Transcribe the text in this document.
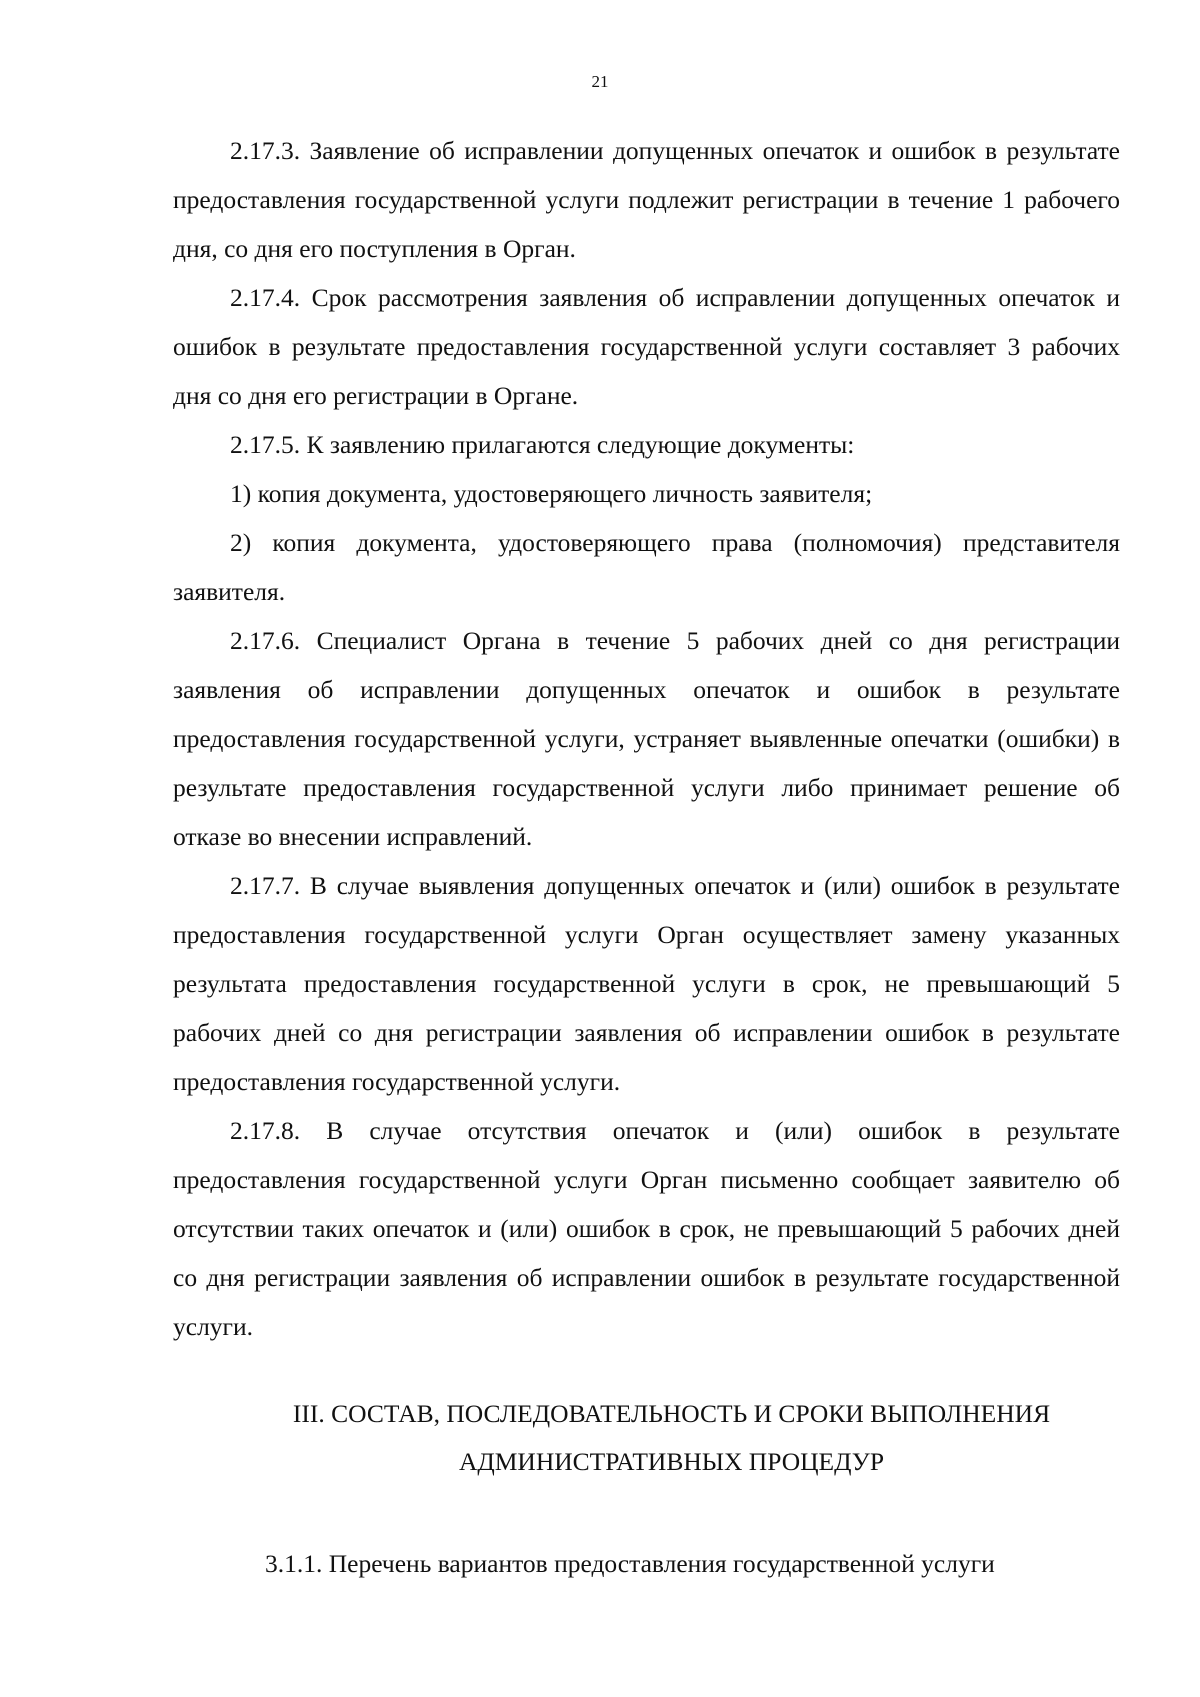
21

2.17.3. Заявление об исправлении допущенных опечаток и ошибок в результате предоставления государственной услуги подлежит регистрации в течение 1 рабочего дня, со дня его поступления в Орган.

2.17.4. Срок рассмотрения заявления об исправлении допущенных опечаток и ошибок в результате предоставления государственной услуги составляет 3 рабочих дня со дня его регистрации в Органе.

2.17.5. К заявлению прилагаются следующие документы:

1) копия документа, удостоверяющего личность заявителя;

2) копия документа, удостоверяющего права (полномочия) представителя заявителя.

2.17.6. Специалист Органа в течение 5 рабочих дней со дня регистрации заявления об исправлении допущенных опечаток и ошибок в результате предоставления государственной услуги, устраняет выявленные опечатки (ошибки) в результате предоставления государственной услуги либо принимает решение об отказе во внесении исправлений.

2.17.7. В случае выявления допущенных опечаток и (или) ошибок в результате предоставления государственной услуги Орган осуществляет замену указанных результата предоставления государственной услуги в срок, не превышающий 5 рабочих дней со дня регистрации заявления об исправлении ошибок в результате предоставления государственной услуги.

2.17.8. В случае отсутствия опечаток и (или) ошибок в результате предоставления государственной услуги Орган письменно сообщает заявителю об отсутствии таких опечаток и (или) ошибок в срок, не превышающий 5 рабочих дней со дня регистрации заявления об исправлении ошибок в результате государственной услуги.

III. СОСТАВ, ПОСЛЕДОВАТЕЛЬНОСТЬ И СРОКИ ВЫПОЛНЕНИЯ
АДМИНИСТРАТИВНЫХ ПРОЦЕДУР
3.1.1. Перечень вариантов предоставления государственной услуги
